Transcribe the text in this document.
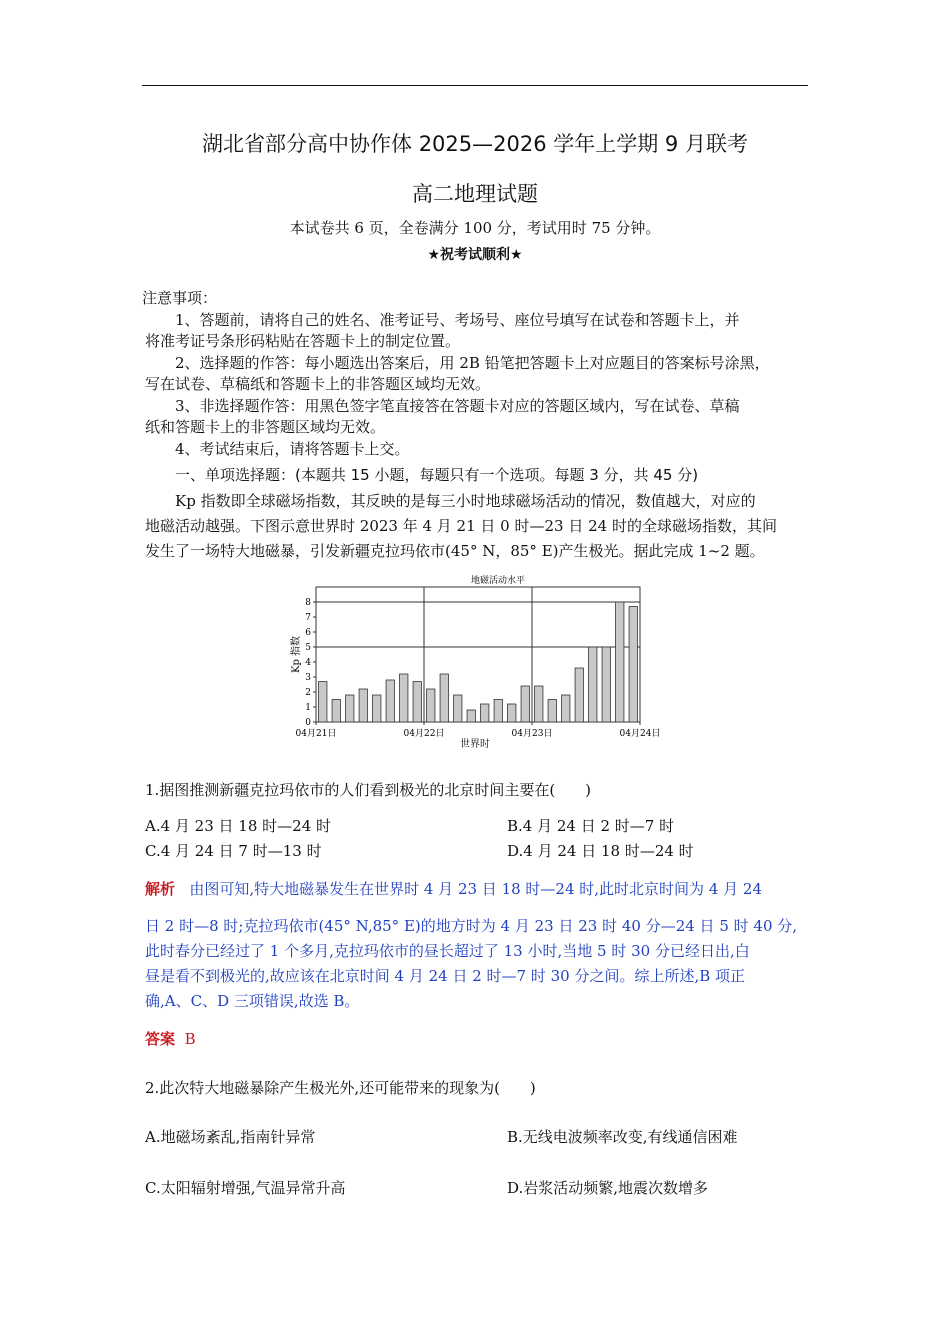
湖北省部分高中协作体 2025—2026 学年上学期 9 月联考
高二地理试题
本试卷共 6 页，全卷满分 100 分，考试用时 75 分钟。
★祝考试顺利★
注意事项：
1、答题前，请将自己的姓名、准考证号、考场号、座位号填写在试卷和答题卡上，并
将准考证号条形码粘贴在答题卡上的制定位置。
2、选择题的作答：每小题选出答案后，用 2B 铅笔把答题卡上对应题目的答案标号涂黑，
写在试卷、草稿纸和答题卡上的非答题区域均无效。
3、非选择题作答：用黑色签字笔直接答在答题卡对应的答题区域内，写在试卷、草稿
纸和答题卡上的非答题区域均无效。
4、考试结束后，请将答题卡上交。
一、单项选择题：(本题共 15 小题，每题只有一个选项。每题 3 分，共 45 分)
Kp 指数即全球磁场指数，其反映的是每三小时地球磁场活动的情况，数值越大，对应的
地磁活动越强。下图示意世界时 2023 年 4 月 21 日 0 时—23 日 24 时的全球磁场指数，其间
发生了一场特大地磁暴，引发新疆克拉玛依市(45° N，85° E)产生极光。据此完成 1~2 题。
地磁活动水平
Kp 指数
世界时
0
1
2
3
4
5
6
7
8
04月21日	04月22日	04月23日	04月24日
1.据图推测新疆克拉玛依市的人们看到极光的北京时间主要在(　　)
A.4 月 23 日 18 时—24 时	B.4 月 24 日 2 时—7 时
C.4 月 24 日 7 时—13 时	D.4 月 24 日 18 时—24 时
解析 由图可知,特大地磁暴发生在世界时 4 月 23 日 18 时—24 时,此时北京时间为 4 月 24
日 2 时—8 时;克拉玛依市(45° N,85° E)的地方时为 4 月 23 日 23 时 40 分—24 日 5 时 40 分,
此时春分已经过了 1 个多月,克拉玛依市的昼长超过了 13 小时,当地 5 时 30 分已经日出,白
昼是看不到极光的,故应该在北京时间 4 月 24 日 2 时—7 时 30 分之间。综上所述,B 项正
确,A、C、D 三项错误,故选 B。
答案 B
2.此次特大地磁暴除产生极光外,还可能带来的现象为(　　)
A.地磁场紊乱,指南针异常	B.无线电波频率改变,有线通信困难
C.太阳辐射增强,气温异常升高	D.岩浆活动频繁,地震次数增多
